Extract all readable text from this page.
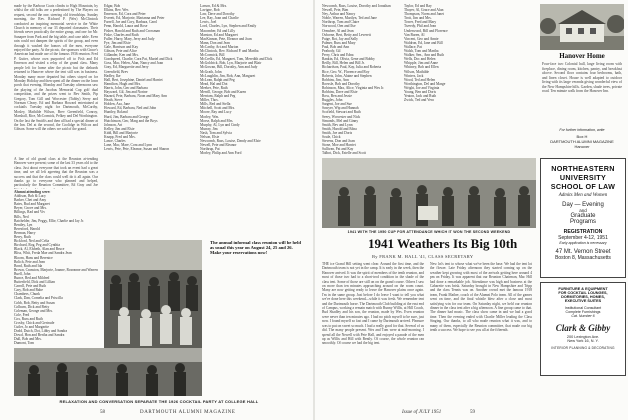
made by the Barbour Coats climbs to High Mountain, by whilst the old folks are a predestined by The Players on request, second the one, steering old friendships. Sunday morning, the Rev. Richard P. (Wes) McClintock conducted an inspiring memorial service in the White Church in memory of our 33 departed classmates. Their friends never practically the entire group, and one for Mr. Sunapee from Park and the big table, and case table. Even rain could not dampen the spirits of the group, and even through it washed the honors off the men, everyone enjoyed the party. At the picnic, the sponsors with Grace's American had made use of the famous 1936 reunion. Fred P. Gutter, whose own purported off to Fish and Ed Emerson and visited a relay of the grand class. Many people left for home after the picnic but the diehards returned to Hanover where the tent still was in business. Monday many more departed but others stayed on for Monday Holiday and then spent all the dinner on the lawn porch that evening. Monday and Tuesday afternoons saw the playing of the Jacobus Memorial Cup golf dual competition, and the prizes went to Bev Smith, Pip Gregory, Tom Gill and Worcester (Tubby) Seery and Norman Cleary. Ed and Barbara Howard entertained at cocktails Tuesday night for Dartmouth, McCarthy, Mosley, Mathilde Wilson, Brev Greenfield, Conroy, Marshall, Rice, McCormick, Pelkey and Del Worthington. On the last the Smith's and then all had a special dinner at the Inn. Del at the second, the Coolidge in Wilcox and Gibson. Some will the others we said of the grand.
A line of old grand class at the Reunion at-tending Hanover were present; some of the last 33 years old to the class. Just about everyone that took an event had a great time, and we all left agreeing that the Reunion was a success and that the class could well do it all again. Our thanks go to everyone who planned and helped, particularly the Reunion Committee, Ed Gray and Joe
Alumni attending were:
Addison, Bob & Lucy
Barker, Chet and Amy
Bates, Bud and Margaret
Beyer, Grove and Mrs.
Billings, Rad and Viv
Bills, Ned
Batchelder, Jim, Peggy, Ellie, Charlie and Jay Jr.
Bentley, Lyn
Beresford, Harold
Berman, Harry
Berry, Ruth
Bickford, Ned and Celia
Birchard, Rog, Peg and Cynthia
Black, Al, Elsbeth, Alan and Bruce
Bliss, Whit, Freda Mae and Sandra Jean
Bloom, Hans and Berenice
Bolich, Pete and Jean
Bond, Ruth and Ida
Brown, Cranston, Marjorie, Joanne, Roseanne and Warren
Buell, John
Bunce, Red and Mildred
Butterfield, Dick and Lillian
Carroll, Pete and Ruth
Cary, Bob and Babe
Chambers, Chunk
Clark, Dan, Cornelia and Priscilla
Cobb, Bob, Betty and Susan
Colburn, Dick and Betty
Coleman, George and Mrs.
Cole, Fred
Cox, Russ and Ruth
Crosby, Chick and Gertrude
Cutler, Jo and Margarite
Dodd, Dutch, Dot, Libby and Sandra
Dowd, Hon and Bertha and Sandra
Dull, Bob and Mrs.
Dumont, Tom
Edgar, Bob
Elkins, Rev. Wes
Emerson, Ed, Cora and Peter
Everett, Ed, Marjorie, Marianna and Peter
Farrell, Joe and Cory, Barbara, Carol
Fenn, Harold, Laura and Rose
Fisher, Harold and Ruth and Crossman
Fiske, Charles and Ruth
Fuller, Harry, Mary, Jerry and Judy
Fye, Jim and Elsie
Gale, Harrison and Kay
Gibson, Pete and Alice
Gillander, Ken and Mrs.
Goodspeed, Charlie, Cora Pat, Muriel and Dick
Goss, Mac, Helen, Alan, Nancy and Joan
Gray, Ed, Marguerite and Jerry
Greenfield, Brev
Hadley, Ike
Hall, Bert, Josephine, Daniel and Harriet
Hamilton, Hugh and Mrs.
Harris, John, Geo and Barbara
Hayward, Gil, Jim and Norine
Hazard, Pete, Barbara, Noon and Mary Ann
Heath, Steve
Holden, Asa, Jane
Howard, Ed, Barbara, Ned and John
Huntley, Roland
Hurd, Jim, Barbara and George
Hutchinson, Geo, Marg and the Boys
Johnson, Art
Kelley, Jim and Elsie
Kidd, Bill and Marjorie
Knapp, Fred and Mrs.
Lance, Charles
Lane, Mac, Mare, Cora and Lynn
Lewis, Pete, Pete, Eleanor, Susan and Sharon
Larson, Ed & Mrs.
Lavigne, Bob
Law, Dave and Dorothy
Lee, Ray, Joan and Charlie
Lewis, Joel
Lord, Charles, Lyn, Stephen and Emily
Macomber, Ed and Lilly
Marston, Ed and Margaret
MacKinnon, Pete, Eleanor and Joan
Mann, Don and Jean
McCarthy, Art and Marion
McClintock, Rev. Richard P. and Martha
McCormick, Bill
McCrellis, Ed, Margaret, Tom, Meredith and Dick
McGoldrick, Bob, Lyn, Marjorie and Blair
McGowan, Bill, Dorothy, Ann and Judy
McGrath, John
McLaughlin, Jim, Bob, Ann, Margaret
McLean, Ralph and Peg
Mead, Hal and Dot
Meeker, Pete, Ruth
Merrill, George, Bob and Karen
Merriam, Ralph and Peg
Miller, Thos.
Mills, Red and Stella
Mitchell, Scott and Mrs.
Moore, Ray and Lucy
Morley, Wm.
Morse, Ralph and Mrs.
Murphy, Al, Lyn and Cindy
Murray, Jim
Nash, Tom and Sylvia
Nelson, Elsie
Newcomb, Russ, Louise, Dandy and Elsie
Newell, Pete and Eleanor
Northrup, Pat
Morley, Philip and Ann Ford
The annual informal class reunion will be held as usual this year on August 24, 25 and 26. Make your reservations now!
RELAXATION AND CONVERSATION SEPARATE THE 1926 COCKTAIL PARTY AT COLLEGE HALL
58	DARTMOUTH ALUMNI MAGAZINE
Newcomb, Russ, Louise, Dorothy and Jonathan
Newell, Pete, Bim
Ney, Arthur and Nancy
Noble, Warren, Marilyn, Ted and Jane
Northrop, Tom and Claire
Norwood, Oen and Ilse
Ormsbee, Al and Jean
Osborne, Bert, Betty and Leverett
Paige, Rot, Jay and Sally
Palmer, Russ and Mary
Paul, Bob and Ann
Peabody, Gil
Perry, Chris and Edna
Rankin, Ed, Olivia, Gene and Bobby
Reilly, Bill, Helen and Bill Jr.
Richardson, Paul, Kay, Julia and Roberta
Rice, Geo. W., Florence and Roy
Roberts, John, Alaine and Stephen
Robbins, Jim, Ann
Roessle, Bob and Dorothy
Robinson, Max, Alice, Virginia and Wes Jr.
Robbins, Dave and Elsie
Ross, Ben and Jessie
Ruggles, John
Sargent, Joe and Sue
Sawyer, Wip and Hannah
Scofield, Stewart and Ruth
Seery, Worcester and Nick
Simonds, Mel and Ginny
Smith, Bev and Lynn
Smith, Harold and Edna
Smith, Joe and Doris
Soule, Chick
Stevens, Don and Joan
Stone, Moe and Harriet
Sullivan, Pat and Kay
Talbot, Dick, Estelle and Scott
Taylor, Ed and Ray
Thayer, Al, Grace and Alan
Thompson, Norm and Janet
Trott, Jim and Mrs.
Tower, Fred and Mary
Tweedy, Phil and Jean
Underwood, Bill and Florence
Van Buren, Al
Vincent, Geo and Annie
Waldron, Ed, Jane and Bill
Wallace, Pat
Walsh, Tom and Martha
Walker, Sen., Ann and Ruth
Wells, Doc and Helen
Whipple, Jim and Anne
Whitney, Bob and Ellen
Wilson, Mathilde
Winters, Jack
Wood, Ted and Helen
Worthington, Del and Marge
Wright, Joe and Virginia
Young, Ben and Doris
Yeaton, Jack and Ruth
Zwick, Ted and Vera
1941 WITH THE 1950 CUP FOR ATTENDANCE WHICH IT WON THE SECOND WEEKEND
1941 Weathers Its Big 10th
By FRANK M. HALL '41, CLASS SECRETARY
THE ice Grand Hill setting went clear. Around the first time, and the Dartmouth team is not yet in the camp. It is early in the week, then the Hanover arrived. It was the spirit of members of the tenth reunion, and most of those two had to a short-trod condition in the shade of the class tent. Some of those are still on on the grand course. Others I saw on more than ten minutes approaching around on the room count. Many are now getting ready to leave the Hanover plains once again. I'm in the same group. Just before I do leave I want to tell you what we've done here this weekend—while it was fresh. We remember tent and the Dartmouth horse. The Dartmouth Club building at the east end of Campus, working a remain match with Bunny Willis, at Hill Coach, Bud Shadley and his son, the reunion, made by Wes. Even reunion were never than ten minutes ago. I had no pitch myself to be sure, just now. I found myself so fast and I came by Dartmouth arrived. Pleasure was to put on sweet so much. I had a really good for that. Several of us did. The many people present. Wes and Tom were at mid-morning. I spend all the Newell with Pete Hall, and enjoyed a parade of the men up as Willis and Hill with Bently. Of course, the whole reunion ran smoothly. Of course we had the big tent.
New lot's tent to whose what we've been the base. We had the tent lot the flower. Late Friday afternoon they started coming up on the weather kept growing with most of the arrivals getting here around 4 pm on Friday. It was apparent that our Reunion Chairman, Mac Hill had done a remarkable job. Attendance was high and business at the Cabarette was brisk. Saturday brought in New Hampshire and Tripp and the class Tennis was on. Another crowd met the famous 1918 team, Frank Mather, coach of the Alumni Polo team. All of the games went on time, and the final whistle blew after a close and most satisfying win for our team. On Saturday night, we held our reunion dinner in the class tent after a big afternoon. A fine group came to that. The dinner had music. The class show came in and we had a good time. Then the evening ended with Charlie Miller leading the Class Singing. Our thanks, to all who made reunion what it was, and to many of them, especially the Reunion committee, that made our big tenth a success. We hope to see you all at the fifteenth.
Issue of JULY 1951	59
Hanover Home
Four-face two Colonial hall, large living room with fireplace, dining room, kitchen, pantry, and breakfast alcove. Second floor contains four bedrooms, bath, and linen closet. House is well adapted to outdoor living with its large veranda giving wonderful view of the New Hampshire hills. Garden, shade trees, private road. Ten minute walk from the Hanover Inn.
For further information, write
Box H
DARTMOUTH ALUMNI MAGAZINE
Hanover
NORTHEASTERN
UNIVERSITY
SCHOOL OF LAW
Admits Men and Women
Day — Evening
and
Graduate
Programs
REGISTRATION
September 4-12, 1951
Early application is necessary
47 Mt. Vernon Street
Boston 8, Massachusetts
FURNITURE & EQUIPMENT
FOR COCKTAIL LOUNGES,
DORMITORIES, HOMES,
EXECUTIVE SUITES
Institutional Consultant
Complete Furnishings
Cat. Number 6
Clark & Gibby
200 Lexington Ave.
New York 16, N. Y.
INTERIOR PLANNING & DECORATING
